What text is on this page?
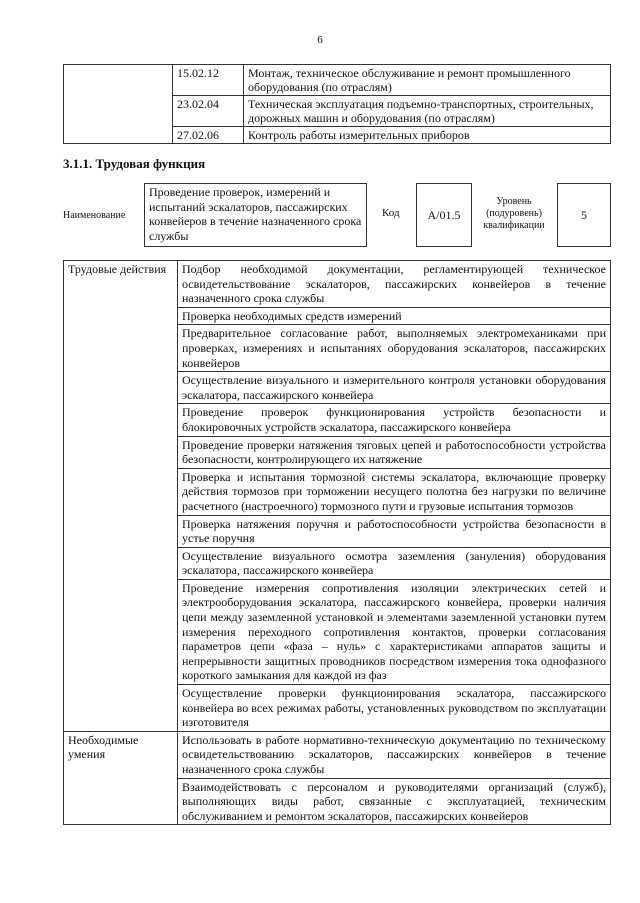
6
	15.02.12	Монтаж, техническое обслуживание и ремонт промышленного оборудования (по отраслям)
	23.02.04	Техническая эксплуатация подъемно-транспортных, строительных, дорожных машин и оборудования (по отраслям)
	27.02.06	Контроль работы измерительных приборов
3.1.1. Трудовая функция
Наименование
Проведение проверок, измерений и испытаний эскалаторов, пассажирских конвейеров в течение назначенного срока службы
Код	A/01.5
Уровень (подуровень) квалификации
5
Трудовые действия	Подбор необходимой документации, регламентирующей техническое освидетельствование эскалаторов, пассажирских конвейеров в течение назначенного срока службы
	Проверка необходимых средств измерений
	Предварительное согласование работ, выполняемых электромеханиками при проверках, измерениях и испытаниях оборудования эскалаторов, пассажирских конвейеров
	Осуществление визуального и измерительного контроля установки оборудования эскалатора, пассажирского конвейера
	Проведение проверок функционирования устройств безопасности и блокировочных устройств эскалатора, пассажирского конвейера
	Проведение проверки натяжения тяговых цепей и работоспособности устройства безопасности, контролирующего их натяжение
	Проверка и испытания тормозной системы эскалатора, включающие проверку действия тормозов при торможении несущего полотна без нагрузки по величине расчетного (настроечного) тормозного пути и грузовые испытания тормозов
	Проверка натяжения поручня и работоспособности устройства безопасности в устье поручня
	Осуществление визуального осмотра заземления (зануления) оборудования эскалатора, пассажирского конвейера
	Проведение измерения сопротивления изоляции электрических сетей и электрооборудования эскалатора, пассажирского конвейера, проверки наличия цепи между заземленной установкой и элементами заземленной установки путем измерения переходного сопротивления контактов, проверки согласования параметров цепи «фаза – нуль» с характеристиками аппаратов защиты и непрерывности защитных проводников посредством измерения тока однофазного короткого замыкания для каждой из фаз
	Осуществление проверки функционирования эскалатора, пассажирского конвейера во всех режимах работы, установленных руководством по эксплуатации изготовителя
Необходимые умения	Использовать в работе нормативно-техническую документацию по техническому освидетельствованию эскалаторов, пассажирских конвейеров в течение назначенного срока службы
	Взаимодействовать с персоналом и руководителями организаций (служб), выполняющих виды работ, связанные с эксплуатацией, техническим обслуживанием и ремонтом эскалаторов, пассажирских конвейеров
